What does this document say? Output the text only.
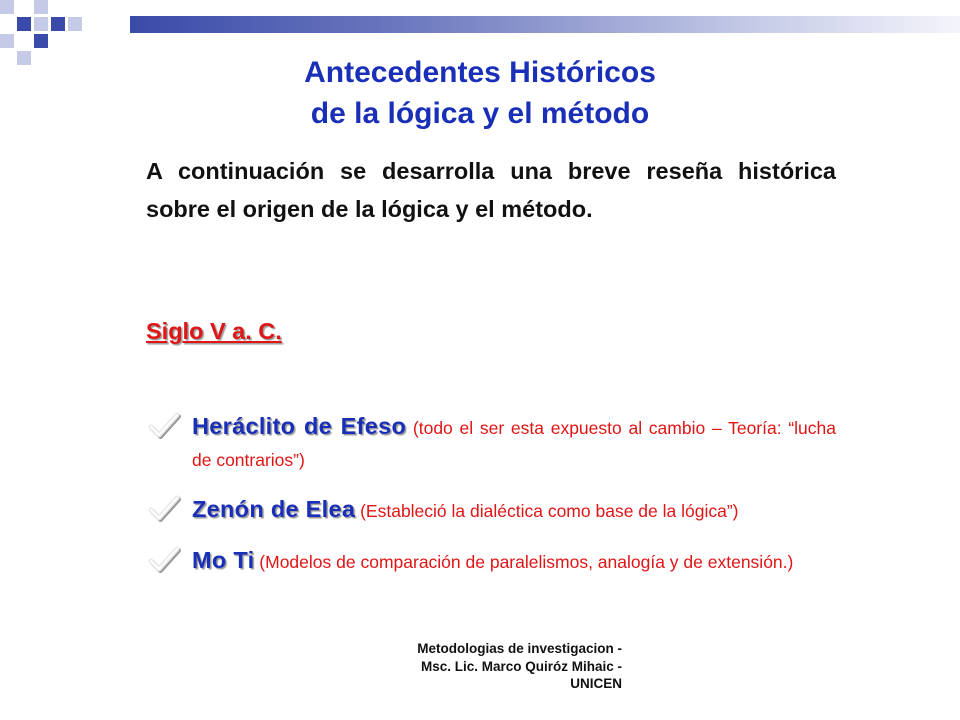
Antecedentes Históricos
de la lógica y el método
A continuación se desarrolla una breve reseña histórica sobre el origen de la lógica y el método.
Siglo V a. C.
Heráclito de Efeso (todo el ser esta expuesto al cambio – Teoría: “lucha de contrarios”)
Zenón de Elea (Estableció la dialéctica como base de la lógica”)
Mo Ti (Modelos de comparación de paralelismos, analogía y de extensión.)
Metodologias de investigacion -
Msc. Lic. Marco Quiróz Mihaic -
UNICEN
